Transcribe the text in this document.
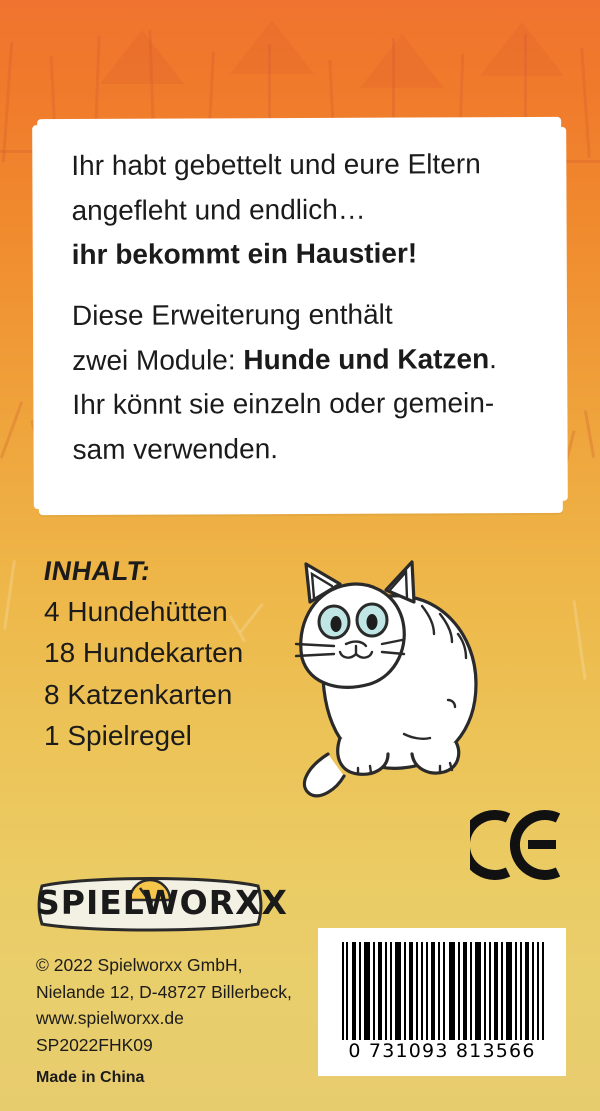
Ihr habt gebettelt und eure Eltern

angefleht und endlich…

ihr bekommt ein Haustier!

Diese Erweiterung enthält

zwei Module: Hunde und Katzen.

Ihr könnt sie einzeln oder gemein-

sam verwenden.

INHALT:
4 Hundehütten
18 Hundekarten
8 Katzenkarten
1 Spielregel
SPIELWORXX
© 2022 Spielworxx GmbH,
Nielande 12, D-48727 Billerbeck,
www.spielworxx.de
SP2022FHK09
Made in China
0 731093 813566
